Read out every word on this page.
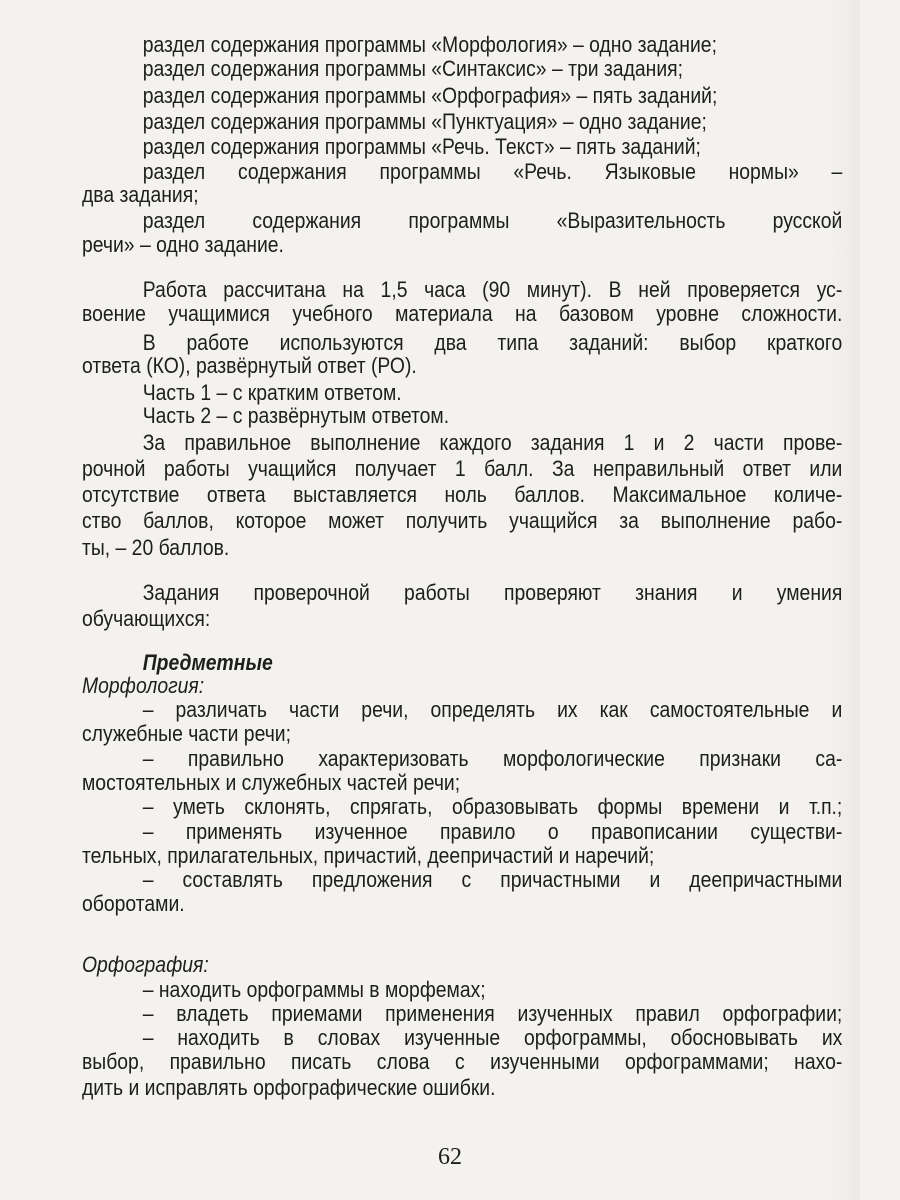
раздел содержания программы «Морфология» – одно задание;
раздел содержания программы «Синтаксис» – три задания;
раздел содержания программы «Орфография» – пять заданий;
раздел содержания программы «Пунктуация» – одно задание;
раздел содержания программы «Речь. Текст» – пять заданий;
раздел содержания программы «Речь. Языковые нормы» –
два задания;
раздел содержания программы «Выразительность русской
речи» – одно задание.
Работа рассчитана на 1,5 часа (90 минут). В ней проверяется ус-
воение учащимися учебного материала на базовом уровне сложности.
В работе используются два типа заданий: выбор краткого
ответа (КО), развёрнутый ответ (РО).
Часть 1 – с кратким ответом.
Часть 2 – с развёрнутым ответом.
За правильное выполнение каждого задания 1 и 2 части прове-
рочной работы учащийся получает 1 балл. За неправильный ответ или
отсутствие ответа выставляется ноль баллов. Максимальное количе-
ство баллов, которое может получить учащийся за выполнение рабо-
ты, – 20 баллов.
Задания проверочной работы проверяют знания и умения
обучающихся:
Предметные
Морфология:
– различать части речи, определять их как самостоятельные и
служебные части речи;
– правильно характеризовать морфологические признаки са-
мостоятельных и служебных частей речи;
– уметь склонять, спрягать, образовывать формы времени и т.п.;
– применять изученное правило о правописании существи-
тельных, прилагательных, причастий, деепричастий и наречий;
– составлять предложения с причастными и деепричастными
оборотами.
Орфография:
– находить орфограммы в морфемах;
– владеть приемами применения изученных правил орфографии;
– находить в словах изученные орфограммы, обосновывать их
выбор, правильно писать слова с изученными орфограммами; нахо-
дить и исправлять орфографические ошибки.
62
